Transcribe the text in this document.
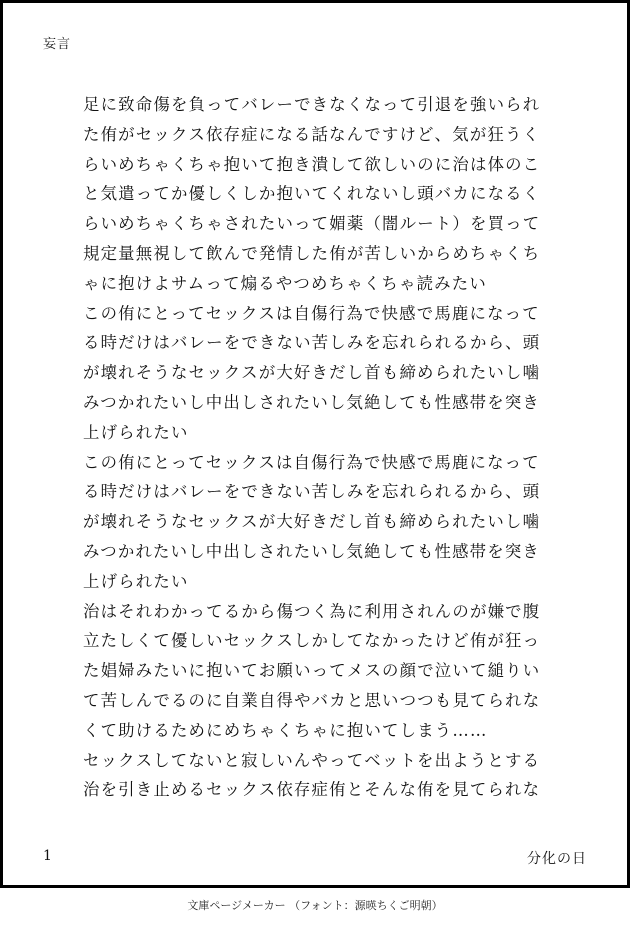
妄言

足に致命傷を負ってバレーできなくなって引退を強いられた侑がセックス依存症になる話なんですけど、気が狂うくらいめちゃくちゃ抱いて抱き潰して欲しいのに治は体のこと気遣ってか優しくしか抱いてくれないし頭バカになるくらいめちゃくちゃされたいって媚薬（闇ルート）を買って規定量無視して飲んで発情した侑が苦しいからめちゃくちゃに抱けよサムって煽るやつめちゃくちゃ読みたい

この侑にとってセックスは自傷行為で快感で馬鹿になってる時だけはバレーをできない苦しみを忘れられるから、頭が壊れそうなセックスが大好きだし首も締められたいし噛みつかれたいし中出しされたいし気絶しても性感帯を突き上げられたい

この侑にとってセックスは自傷行為で快感で馬鹿になってる時だけはバレーをできない苦しみを忘れられるから、頭が壊れそうなセックスが大好きだし首も締められたいし噛みつかれたいし中出しされたいし気絶しても性感帯を突き上げられたい

治はそれわかってるから傷つく為に利用されんのが嫌で腹立たしくて優しいセックスしかしてなかったけど侑が狂った娼婦みたいに抱いてお願いってメスの顔で泣いて縋りいて苦しんでるのに自業自得やバカと思いつつも見てられなくて助けるためにめちゃくちゃに抱いてしまう……

セックスしてないと寂しいんやってベットを出ようとする治を引き止めるセックス依存症侑とそんな侑を見てられな

1	分化の日
文庫ページメーカー （フォント：源暎ちくご明朝）
